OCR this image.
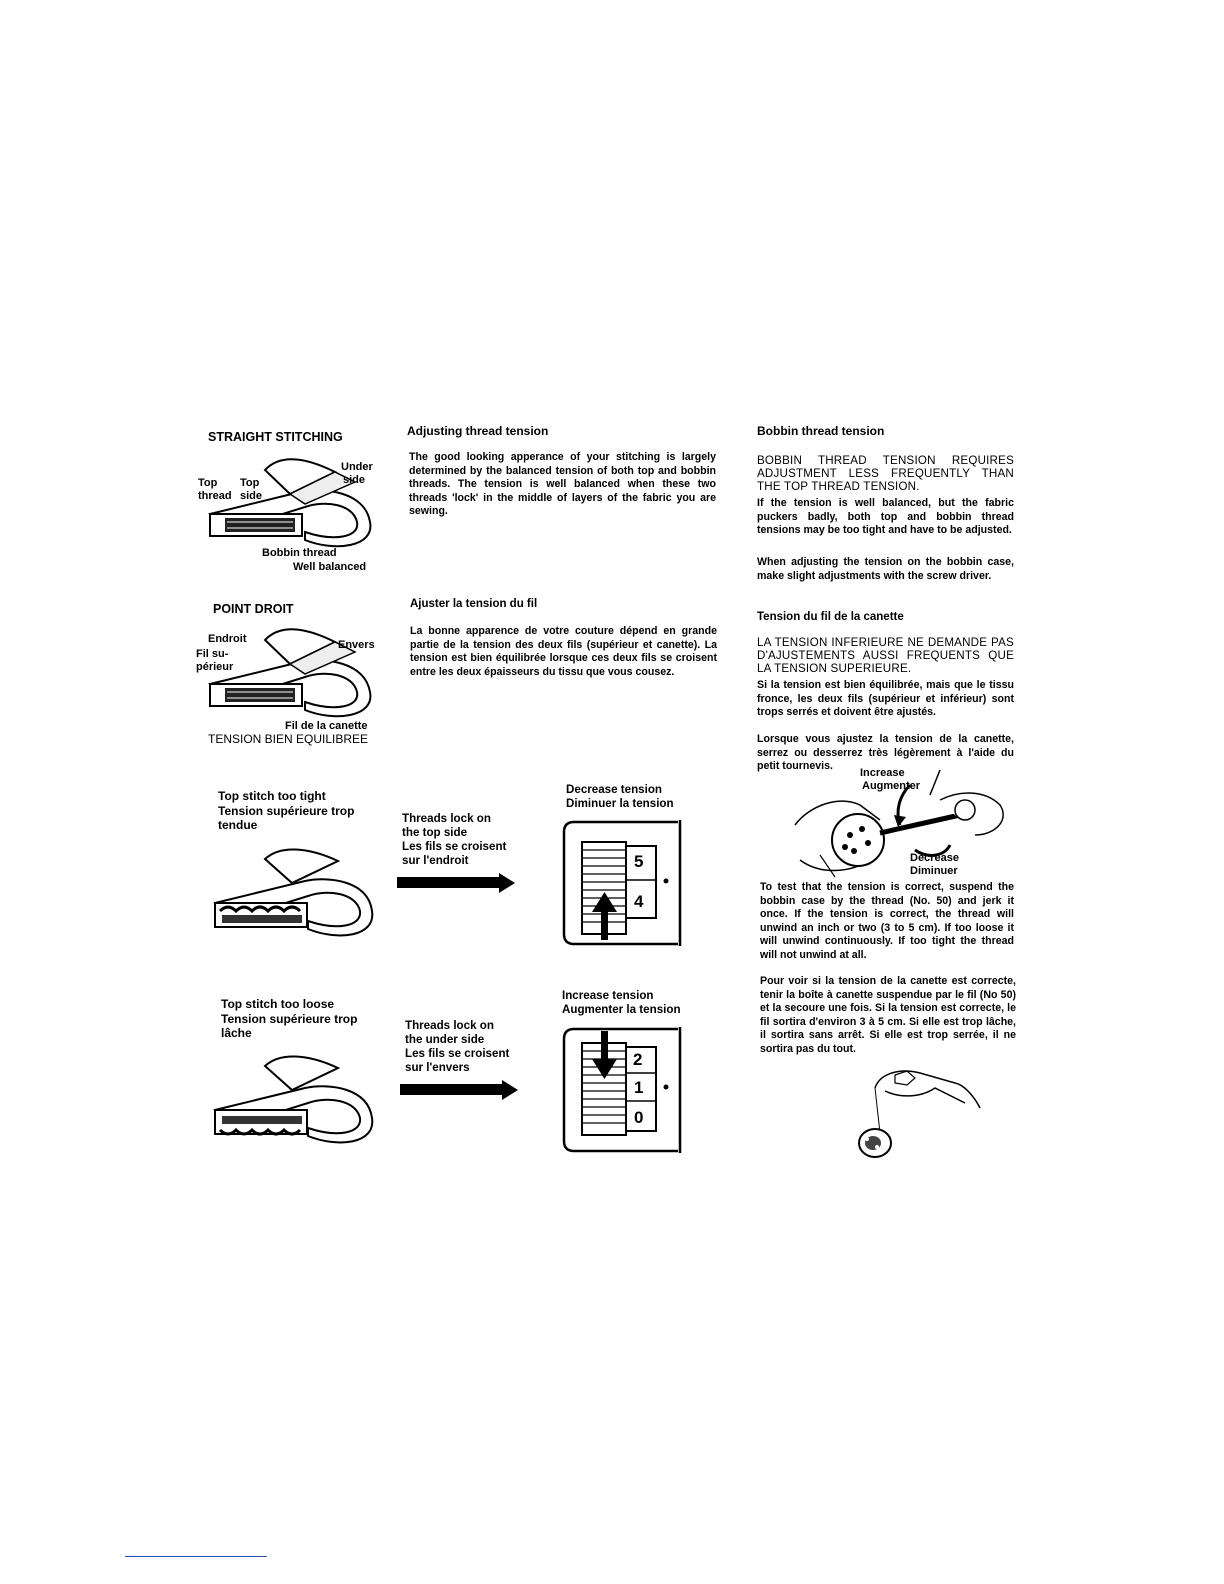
STRAIGHT STITCHING
Top
thread
Top
side
Under
side
Bobbin thread
Well balanced
POINT DROIT
Endroit
Fil su-
périeur
Envers
Fil de la canette
TENSION BIEN EQUILIBREE
Top stitch too tight
Tension supérieure trop
tendue
Top stitch too loose
Tension supérieure trop
lâche
Adjusting thread tension

The good looking apperance of your stitching is largely determined by the balanced tension of both top and bobbin threads. The tension is well balanced when these two threads 'lock' in the middle of layers of the fabric you are sewing.

Ajuster la tension du fil

La bonne apparence de votre couture dépend en grande partie de la tension des deux fils (supérieur et canette). La tension est bien équilibrée lorsque ces deux fils se croisent entre les deux épaisseurs du tissu que vous cousez.

Threads lock on
the top side
Les fils se croisent
sur l'endroit
Threads lock on
the under side
Les fils se croisent
sur l'envers
Decrease tension
Diminuer la tension
5
4
Increase tension
Augmenter la tension
2
1
0
Bobbin thread tension

BOBBIN THREAD TENSION REQUIRES ADJUSTMENT LESS FREQUENTLY THAN THE TOP THREAD TENSION.

If the tension is well balanced, but the fabric puckers badly, both top and bobbin thread tensions may be too tight and have to be adjusted.

When adjusting the tension on the bobbin case, make slight adjustments with the screw driver.

Tension du fil de la canette

LA TENSION INFERIEURE NE DEMANDE PAS D'AJUSTEMENTS AUSSI FREQUENTS QUE LA TENSION SUPERIEURE.

Si la tension est bien équilibrée, mais que le tissu fronce, les deux fils (supérieur et inférieur) sont trops serrés et doivent être ajustés.

Lorsque vous ajustez la tension de la canette, serrez ou desserrez très légèrement à l'aide du petit tournevis.

Increase
Augmenter
Decrease
Diminuer

To test that the tension is correct, suspend the bobbin case by the thread (No. 50) and jerk it once. If the tension is correct, the thread will unwind an inch or two (3 to 5 cm). If too loose it will unwind continuously. If too tight the thread will not unwind at all.

Pour voir si la tension de la canette est correcte, tenir la boîte à canette suspendue par le fil (No 50) et la secoure une fois. Si la tension est correcte, le fil sortira d'environ 3 à 5 cm. Si elle est trop lâche, il sortira sans arrêt. Si elle est trop serrée, il ne sortira pas du tout.
